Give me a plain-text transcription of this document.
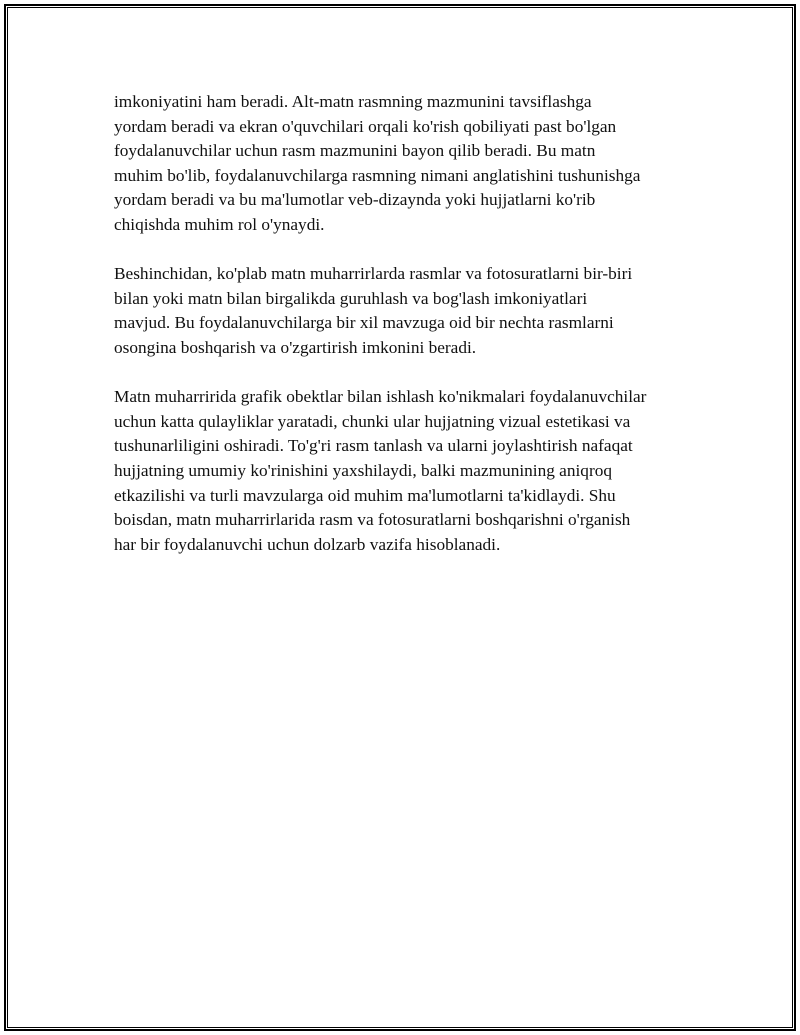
imkoniyatini ham beradi. Alt-matn rasmning mazmunini tavsiflashga
yordam beradi va ekran o'quvchilari orqali ko'rish qobiliyati past bo'lgan
foydalanuvchilar uchun rasm mazmunini bayon qilib beradi. Bu matn
muhim bo'lib, foydalanuvchilarga rasmning nimani anglatishini tushunishga
yordam beradi va bu ma'lumotlar veb-dizaynda yoki hujjatlarni ko'rib
chiqishda muhim rol o'ynaydi.

Beshinchidan, ko'plab matn muharrirlarda rasmlar va fotosuratlarni bir-biri
bilan yoki matn bilan birgalikda guruhlash va bog'lash imkoniyatlari
mavjud. Bu foydalanuvchilarga bir xil mavzuga oid bir nechta rasmlarni
osongina boshqarish va o'zgartirish imkonini beradi.

Matn muharririda grafik obektlar bilan ishlash ko'nikmalari foydalanuvchilar
uchun katta qulayliklar yaratadi, chunki ular hujjatning vizual estetikasi va
tushunarliligini oshiradi. To'g'ri rasm tanlash va ularni joylashtirish nafaqat
hujjatning umumiy ko'rinishini yaxshilaydi, balki mazmunining aniqroq
etkazilishi va turli mavzularga oid muhim ma'lumotlarni ta'kidlaydi. Shu
boisdan, matn muharrirlarida rasm va fotosuratlarni boshqarishni o'rganish
har bir foydalanuvchi uchun dolzarb vazifa hisoblanadi.
